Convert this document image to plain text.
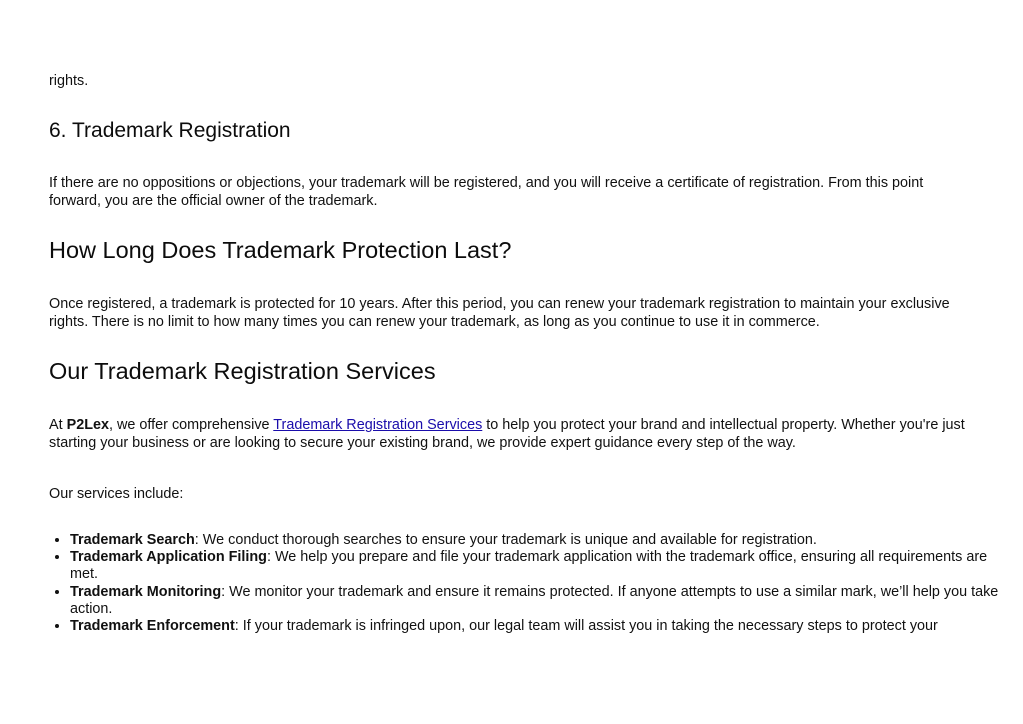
rights.

6. Trademark Registration

If there are no oppositions or objections, your trademark will be registered, and you will receive a certificate of registration. From this point forward, you are the official owner of the trademark.

How Long Does Trademark Protection Last?

Once registered, a trademark is protected for 10 years. After this period, you can renew your trademark registration to maintain your exclusive rights. There is no limit to how many times you can renew your trademark, as long as you continue to use it in commerce.

Our Trademark Registration Services

At P2Lex, we offer comprehensive Trademark Registration Services to help you protect your brand and intellectual property. Whether you're just starting your business or are looking to secure your existing brand, we provide expert guidance every step of the way.

Our services include:

• Trademark Search: We conduct thorough searches to ensure your trademark is unique and available for registration.
• Trademark Application Filing: We help you prepare and file your trademark application with the trademark office, ensuring all requirements are met.
• Trademark Monitoring: We monitor your trademark and ensure it remains protected. If anyone attempts to use a similar mark, we’ll help you take action.
• Trademark Enforcement: If your trademark is infringed upon, our legal team will assist you in taking the necessary steps to protect your
